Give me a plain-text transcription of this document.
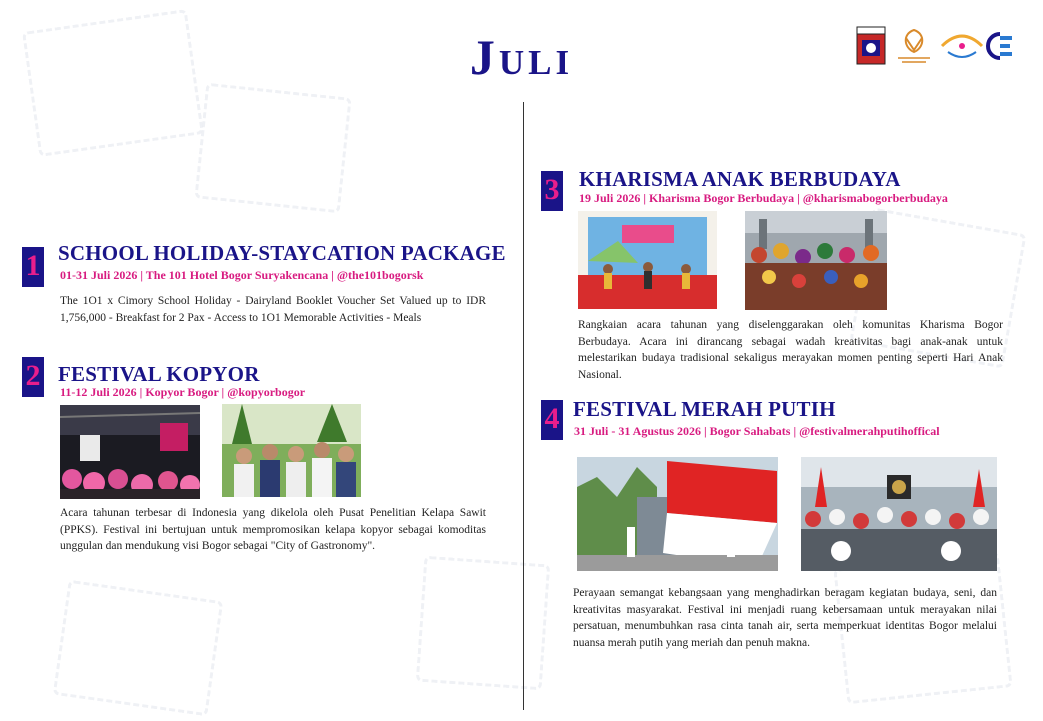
Juli
1 SCHOOL HOLIDAY-STAYCATION PACKAGE
01-31 Juli 2026 | The 101 Hotel Bogor Suryakencana | @the101bogorsk
The 1O1 x Cimory School Holiday - Dairyland Booklet Voucher Set Valued up to IDR 1,756,000 - Breakfast for 2 Pax - Access to 1O1 Memorable Activities - Meals
2 FESTIVAL KOPYOR
11-12 Juli 2026 | Kopyor Bogor | @kopyorbogor
Acara tahunan terbesar di Indonesia yang dikelola oleh Pusat Penelitian Kelapa Sawit (PPKS). Festival ini bertujuan untuk mempromosikan kelapa kopyor sebagai komoditas unggulan dan mendukung visi Bogor sebagai "City of Gastronomy".
3 KHARISMA ANAK BERBUDAYA
19 Juli 2026 | Kharisma Bogor Berbudaya | @kharismabogorberbudaya
Rangkaian acara tahunan yang diselenggarakan oleh komunitas Kharisma Bogor Berbudaya. Acara ini dirancang sebagai wadah kreativitas bagi anak-anak untuk melestarikan budaya tradisional sekaligus merayakan momen penting seperti Hari Anak Nasional.
4 FESTIVAL MERAH PUTIH
31 Juli - 31 Agustus 2026 | Bogor Sahabats | @festivalmerahputihoffical
Perayaan semangat kebangsaan yang menghadirkan beragam kegiatan budaya, seni, dan kreativitas masyarakat. Festival ini menjadi ruang kebersamaan untuk merayakan nilai persatuan, menumbuhkan rasa cinta tanah air, serta memperkuat identitas Bogor melalui nuansa merah putih yang meriah dan penuh makna.
